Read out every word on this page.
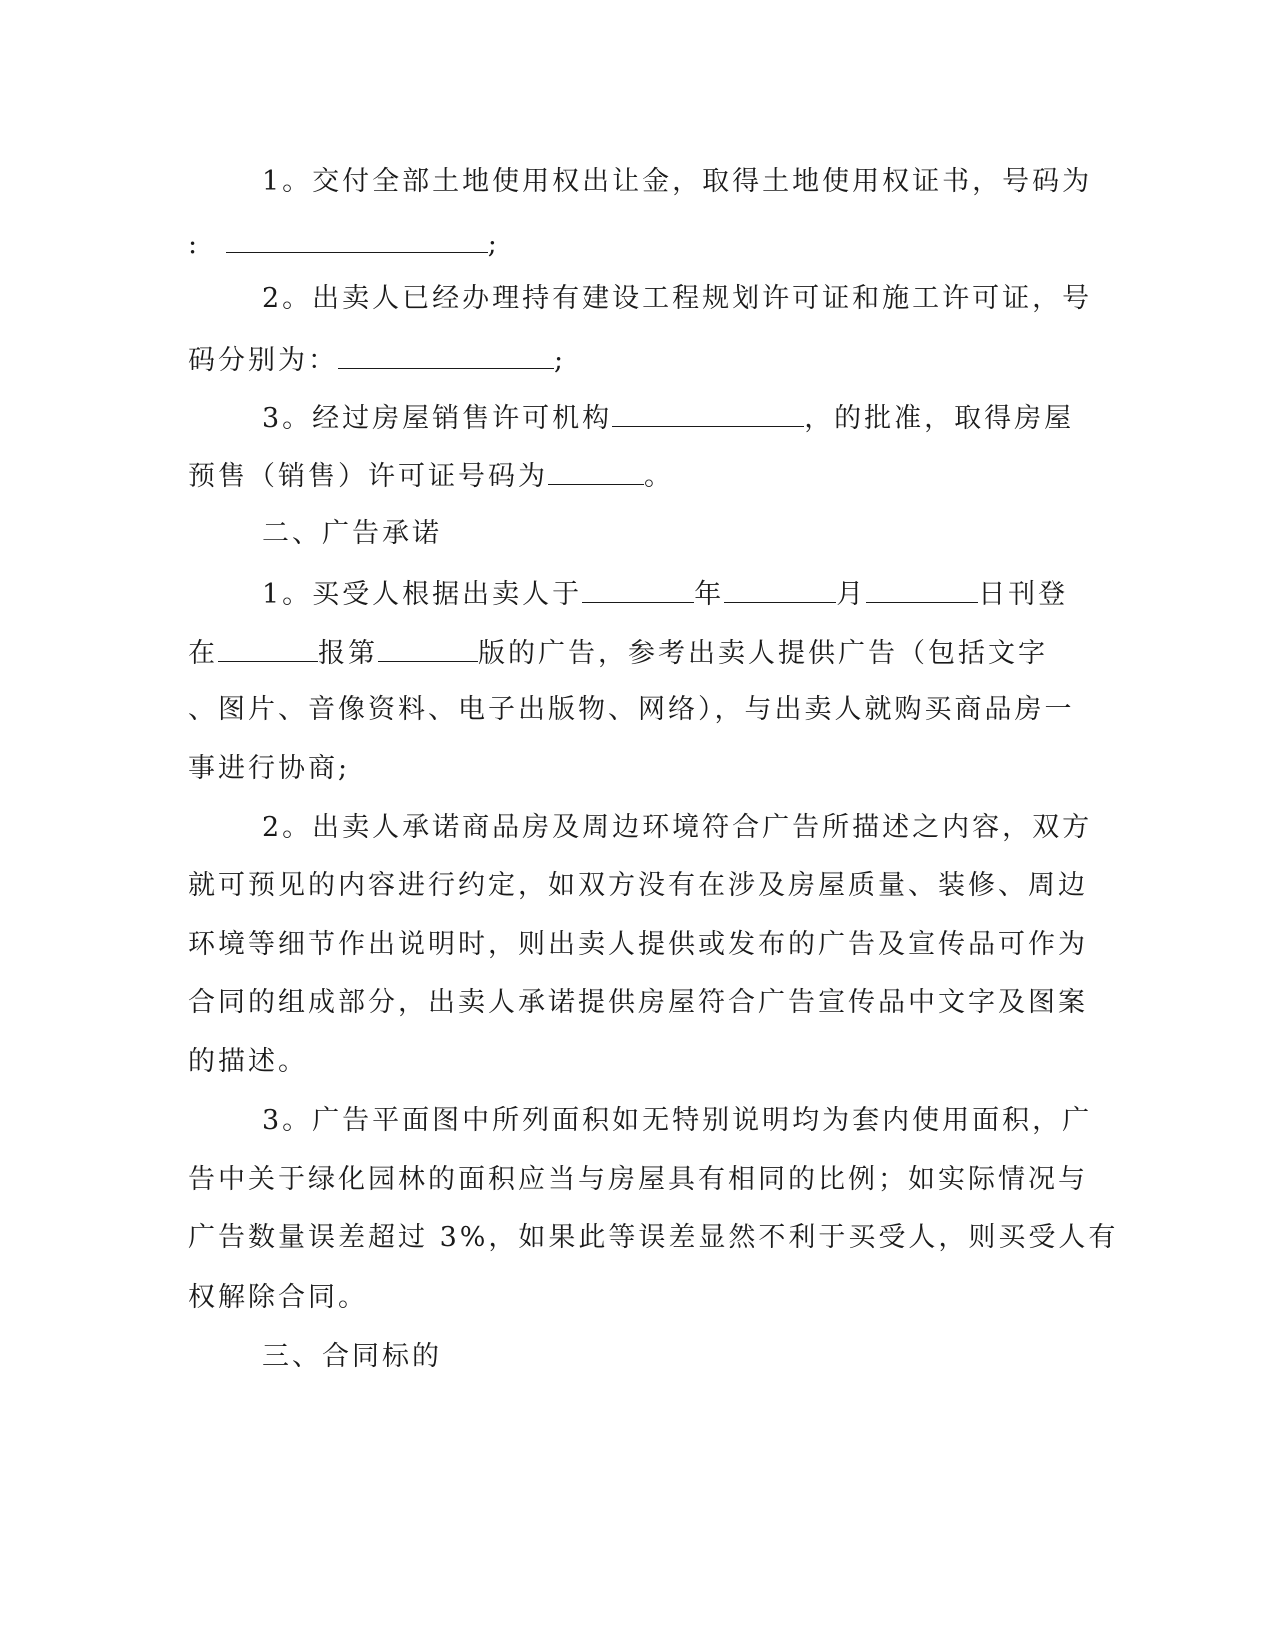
1。交付全部土地使用权出让金，取得土地使用权证书，号码为
:	;
2。出卖人已经办理持有建设工程规划许可证和施工许可证，号
码分别为：	;
3。经过房屋销售许可机构	，的批准，取得房屋
预售（销售）许可证号码为	。
二、广告承诺
1。买受人根据出卖人于	年	月	日刊登
在	报第	版的广告，参考出卖人提供广告（包括文字
、图片、音像资料、电子出版物、网络），与出卖人就购买商品房一
事进行协商;
2。出卖人承诺商品房及周边环境符合广告所描述之内容，双方
就可预见的内容进行约定，如双方没有在涉及房屋质量、装修、周边
环境等细节作出说明时，则出卖人提供或发布的广告及宣传品可作为
合同的组成部分，出卖人承诺提供房屋符合广告宣传品中文字及图案
的描述。
3。广告平面图中所列面积如无特别说明均为套内使用面积，广
告中关于绿化园林的面积应当与房屋具有相同的比例；如实际情况与
广告数量误差超过 3%，如果此等误差显然不利于买受人，则买受人有
权解除合同。
三、合同标的
